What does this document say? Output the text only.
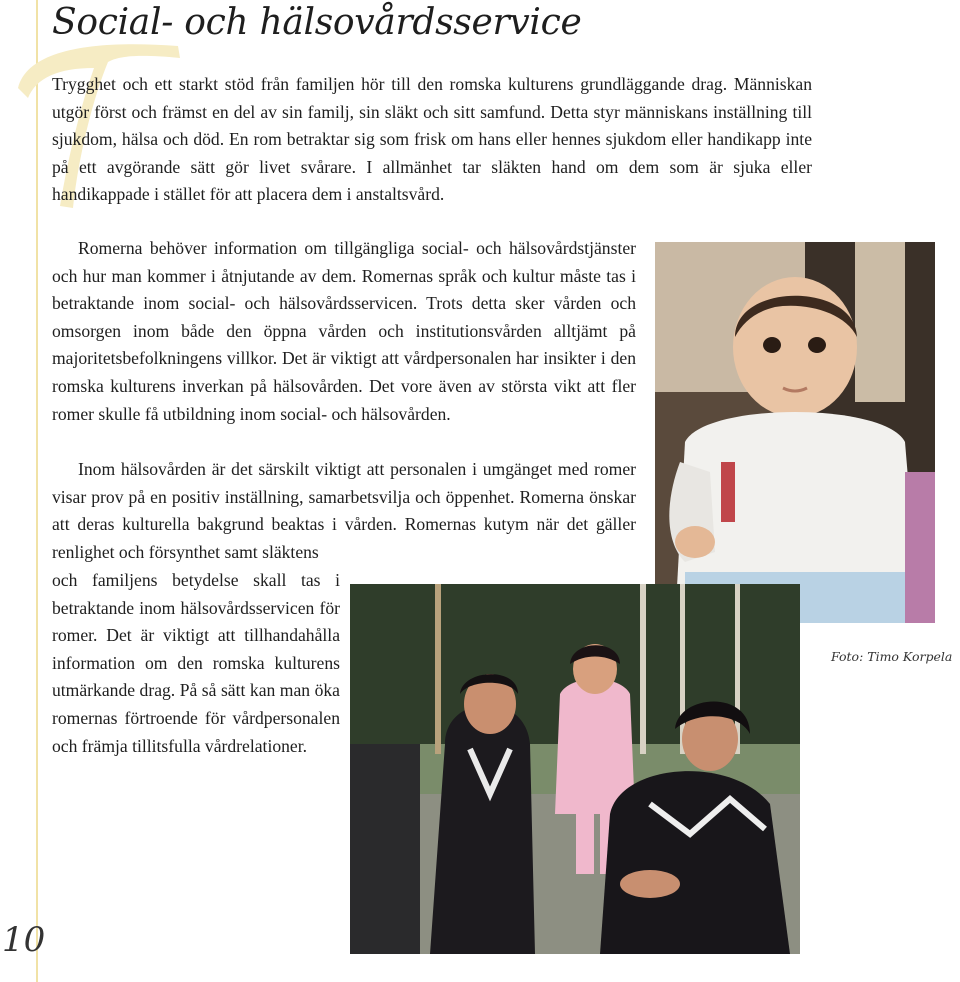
Social- och hälsovårdsservice

Trygghet och ett starkt stöd från familjen hör till den romska kulturens grundläggande drag. Människan utgör först och främst en del av sin familj, sin släkt och sitt samfund. Detta styr människans inställning till sjukdom, hälsa och död. En rom betraktar sig som frisk om hans eller hennes sjukdom eller handikapp inte på ett avgörande sätt gör livet svårare. I allmänhet tar släkten hand om dem som är sjuka eller handikappade i stället för att placera dem i anstaltsvård.

Romerna behöver information om tillgängliga social- och hälsovårdstjänster och hur man kommer i åtnjutande av dem. Romernas språk och kultur måste tas i betraktande inom social- och hälsovårdsservicen. Trots detta sker vården och omsorgen inom både den öppna vården och institutionsvården alltjämt på majoritetsbefolkningens villkor. Det är viktigt att vårdpersonalen har insikter i den romska kulturens inverkan på hälsovården. Det vore även av största vikt att fler romer skulle få utbildning inom social- och hälsovården.

Inom hälsovården är det särskilt viktigt att personalen i umgänget med romer visar prov på en positiv inställning, samarbetsvilja och öppenhet. Romerna önskar att deras kulturella bakgrund beaktas i vården. Romernas kutym när det gäller renlighet och försynthet samt släktens

och familjens betydelse skall tas i betraktande inom hälsovårdsservicen för romer. Det är viktigt att tillhandahålla information om den romska kulturens utmärkande drag. På så sätt kan man öka romernas förtroende för vårdpersonalen och främja tillitsfulla vårdrelationer.

Foto: Timo Korpela
10
